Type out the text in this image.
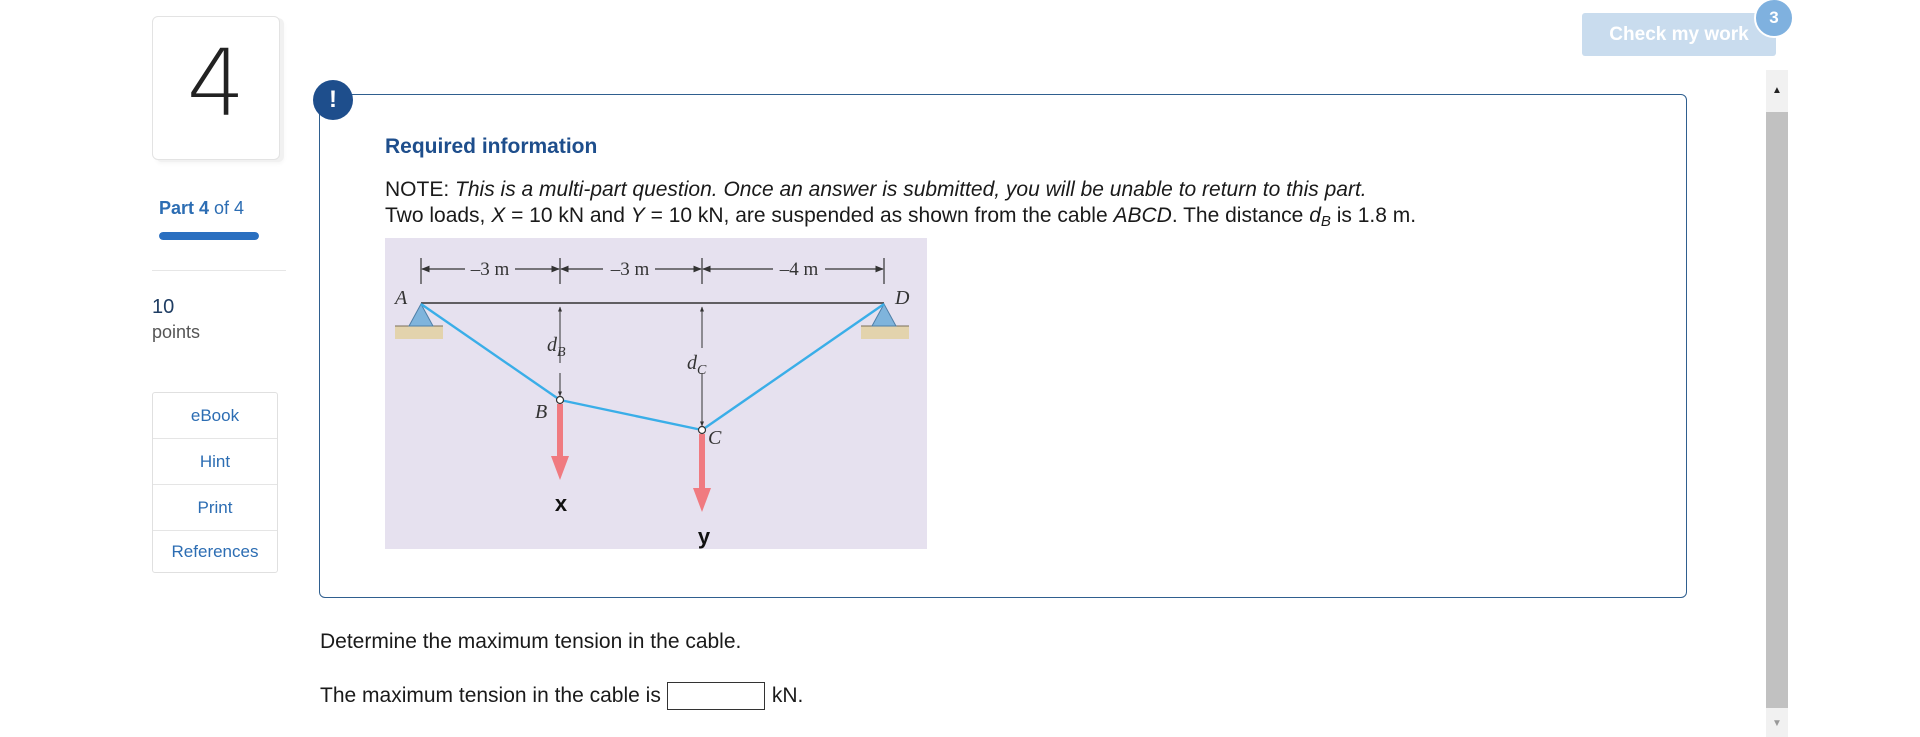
4
Part 4 of 4
10
points
eBook
Hint
Print
References
Check my work
3
▲
▼
!
Required information
NOTE: This is a multi-part question. Once an answer is submitted, you will be unable to return to this part.
Two loads, X = 10 kN and Y = 10 kN, are suspended as shown from the cable ABCD. The distance $d_B$ is 1.8 m.
–3 m	–3 m	–4 m
A	D
B
C
$d_B$	$d_C$
x
y
Determine the maximum tension in the cable.
The maximum tension in the cable is	kN.
